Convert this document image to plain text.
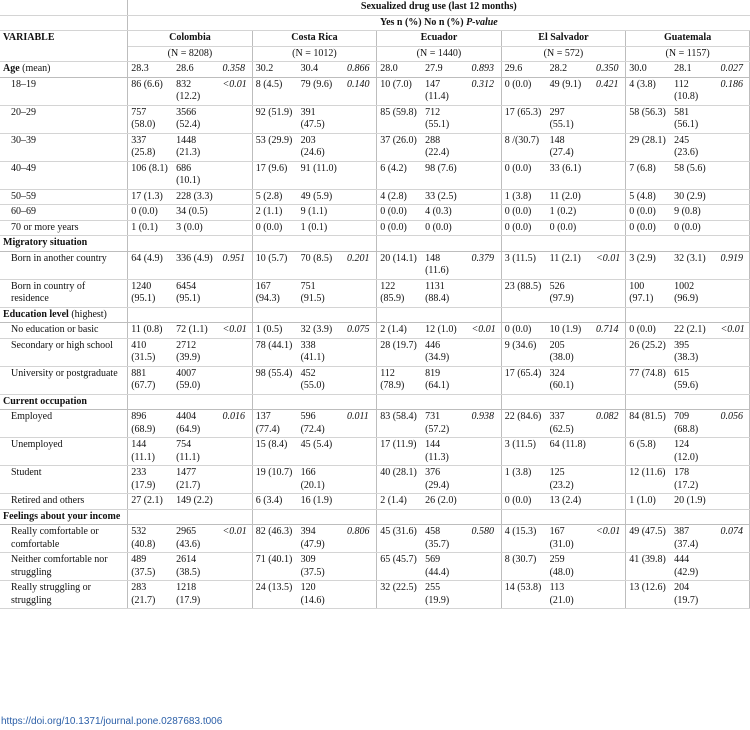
	Sexualized drug use (last 12 months)														
	Yes n (%) No n (%) P-value														
VARIABLE	Colombia			Costa Rica			Ecuador			El Salvador			Guatemala		
	(N = 8208)			(N = 1012)			(N = 1440)			(N = 572)			(N = 1157)		
Age (mean)	28.3	28.6	0.358	30.2	30.4	0.866	28.0	27.9	0.893	29.6	28.2	0.350	30.0	28.1	0.027
18–19	86 (6.6)	832 (12.2)	<0.01	8 (4.5)	79 (9.6)	0.140	10 (7.0)	147 (11.4)	0.312	0 (0.0)	49 (9.1)	0.421	4 (3.8)	112 (10.8)	0.186
20–29	757 (58.0)	3566 (52.4)		92 (51.9)	391 (47.5)		85 (59.8)	712 (55.1)		17 (65.3)	297 (55.1)		58 (56.3)	581 (56.1)	
30–39	337 (25.8)	1448 (21.3)		53 (29.9)	203 (24.6)		37 (26.0)	288 (22.4)		8 /(30.7)	148 (27.4)		29 (28.1)	245 (23.6)	
40–49	106 (8.1)	686 (10.1)		17 (9.6)	91 (11.0)		6 (4.2)	98 (7.6)		0 (0.0)	33 (6.1)		7 (6.8)	58 (5.6)	
50–59	17 (1.3)	228 (3.3)		5 (2.8)	49 (5.9)		4 (2.8)	33 (2.5)		1 (3.8)	11 (2.0)		5 (4.8)	30 (2.9)	
60–69	0 (0.0)	34 (0.5)		2 (1.1)	9 (1.1)		0 (0.0)	4 (0.3)		0 (0.0)	1 (0.2)		0 (0.0)	9 (0.8)	
70 or more years	1 (0.1)	3 (0.0)		0 (0.0)	1 (0.1)		0 (0.0)	0 (0.0)		0 (0.0)	0 (0.0)		0 (0.0)	0 (0.0)	
Migratory situation															
Born in another country	64 (4.9)	336 (4.9)	0.951	10 (5.7)	70 (8.5)	0.201	20 (14.1)	148 (11.6)	0.379	3 (11.5)	11 (2.1)	<0.01	3 (2.9)	32 (3.1)	0.919
Born in country of residence	1240 (95.1)	6454 (95.1)		167 (94.3)	751 (91.5)		122 (85.9)	1131 (88.4)		23 (88.5)	526 (97.9)		100 (97.1)	1002 (96.9)	
Education level (highest)															
No education or basic	11 (0.8)	72 (1.1)	<0.01	1 (0.5)	32 (3.9)	0.075	2 (1.4)	12 (1.0)	<0.01	0 (0.0)	10 (1.9)	0.714	0 (0.0)	22 (2.1)	<0.01
Secondary or high school	410 (31.5)	2712 (39.9)		78 (44.1)	338 (41.1)		28 (19.7)	446 (34.9)		9 (34.6)	205 (38.0)		26 (25.2)	395 (38.3)	
University or postgraduate	881 (67.7)	4007 (59.0)		98 (55.4)	452 (55.0)		112 (78.9)	819 (64.1)		17 (65.4)	324 (60.1)		77 (74.8)	615 (59.6)	
Current occupation															
Employed	896 (68.9)	4404 (64.9)	0.016	137 (77.4)	596 (72.4)	0.011	83 (58.4)	731 (57.2)	0.938	22 (84.6)	337 (62.5)	0.082	84 (81.5)	709 (68.8)	0.056
Unemployed	144 (11.1)	754 (11.1)		15 (8.4)	45 (5.4)		17 (11.9)	144 (11.3)		3 (11.5)	64 (11.8)		6 (5.8)	124 (12.0)	
Student	233 (17.9)	1477 (21.7)		19 (10.7)	166 (20.1)		40 (28.1)	376 (29.4)		1 (3.8)	125 (23.2)		12 (11.6)	178 (17.2)	
Retired and others	27 (2.1)	149 (2.2)		6 (3.4)	16 (1.9)		2 (1.4)	26 (2.0)		0 (0.0)	13 (2.4)		1 (1.0)	20 (1.9)	
Feelings about your income															
Really comfortable or comfortable	532 (40.8)	2965 (43.6)	<0.01	82 (46.3)	394 (47.9)	0.806	45 (31.6)	458 (35.7)	0.580	4 (15.3)	167 (31.0)	<0.01	49 (47.5)	387 (37.4)	0.074
Neither comfortable nor struggling	489 (37.5)	2614 (38.5)		71 (40.1)	309 (37.5)		65 (45.7)	569 (44.4)		8 (30.7)	259 (48.0)		41 (39.8)	444 (42.9)	
Really struggling or struggling	283 (21.7)	1218 (17.9)		24 (13.5)	120 (14.6)		32 (22.5)	255 (19.9)		14 (53.8)	113 (21.0)		13 (12.6)	204 (19.7)	
https://doi.org/10.1371/journal.pone.0287683.t006
